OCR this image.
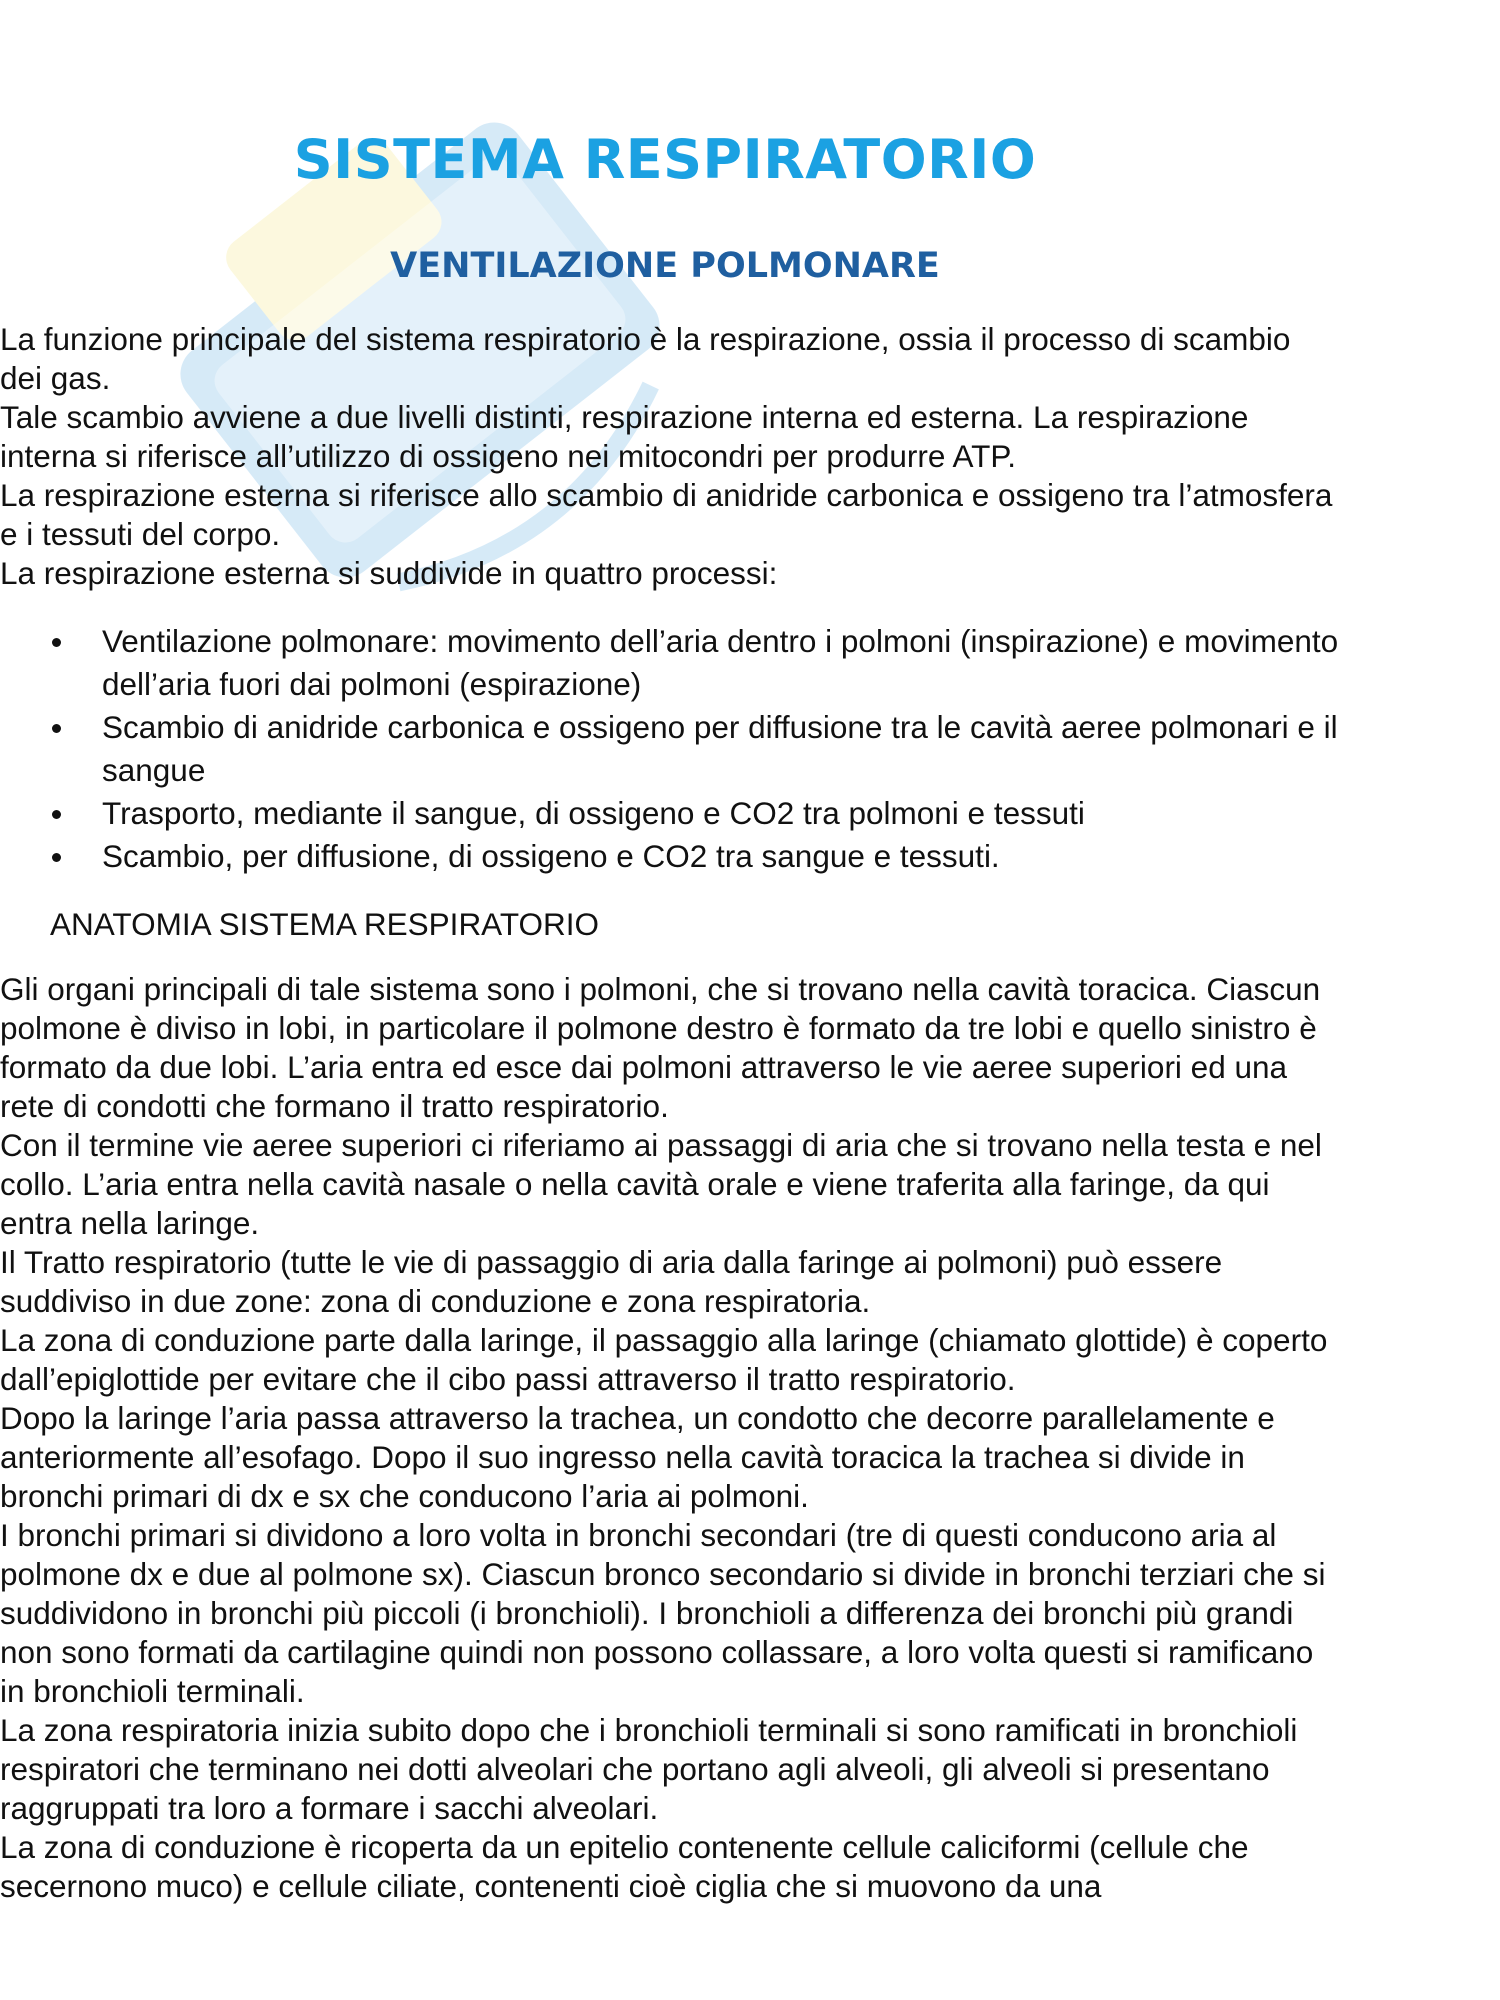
SISTEMA RESPIRATORIO
VENTILAZIONE POLMONARE

La funzione principale del sistema respiratorio è la respirazione, ossia il processo di scambio dei gas.

Tale scambio avviene a due livelli distinti, respirazione interna ed esterna. La respirazione interna si riferisce all’utilizzo di ossigeno nei mitocondri per produrre ATP.

La respirazione esterna si riferisce allo scambio di anidride carbonica e ossigeno tra l’atmosfera e i tessuti del corpo.

La respirazione esterna si suddivide in quattro processi:

Ventilazione polmonare: movimento dell’aria dentro i polmoni (inspirazione) e movimento dell’aria fuori dai polmoni (espirazione)
Scambio di anidride carbonica e ossigeno per diffusione tra le cavità aeree polmonari e il sangue
Trasporto, mediante il sangue, di ossigeno e CO2 tra polmoni e tessuti
Scambio, per diffusione, di ossigeno e CO2 tra sangue e tessuti.
ANATOMIA SISTEMA RESPIRATORIO

Gli organi principali di tale sistema sono i polmoni, che si trovano nella cavità toracica. Ciascun polmone è diviso in lobi, in particolare il polmone destro è formato da tre lobi e quello sinistro è formato da due lobi. L’aria entra ed esce dai polmoni attraverso le vie aeree superiori ed una rete di condotti che formano il tratto respiratorio.

Con il termine vie aeree superiori ci riferiamo ai passaggi di aria che si trovano nella testa e nel collo. L’aria entra nella cavità nasale o nella cavità orale e viene traferita alla faringe, da qui entra nella laringe.

Il Tratto respiratorio (tutte le vie di passaggio di aria dalla faringe ai polmoni) può essere suddiviso in due zone: zona di conduzione e zona respiratoria.

La zona di conduzione parte dalla laringe, il passaggio alla laringe (chiamato glottide) è coperto dall’epiglottide per evitare che il cibo passi attraverso il tratto respiratorio.

Dopo la laringe l’aria passa attraverso la trachea, un condotto che decorre parallelamente e anteriormente all’esofago. Dopo il suo ingresso nella cavità toracica la trachea si divide in bronchi primari di dx e sx che conducono l’aria ai polmoni.

I bronchi primari si dividono a loro volta in bronchi secondari (tre di questi conducono aria al polmone dx e due al polmone sx). Ciascun bronco secondario si divide in bronchi terziari che si suddividono in bronchi più piccoli (i bronchioli). I bronchioli a differenza dei bronchi più grandi non sono formati da cartilagine quindi non possono collassare, a loro volta questi si ramificano in bronchioli terminali.

La zona respiratoria inizia subito dopo che i bronchioli terminali si sono ramificati in bronchioli respiratori che terminano nei dotti alveolari che portano agli alveoli, gli alveoli si presentano raggruppati tra loro a formare i sacchi alveolari.

La zona di conduzione è ricoperta da un epitelio contenente cellule caliciformi (cellule che secernono muco) e cellule ciliate, contenenti cioè ciglia che si muovono da una
